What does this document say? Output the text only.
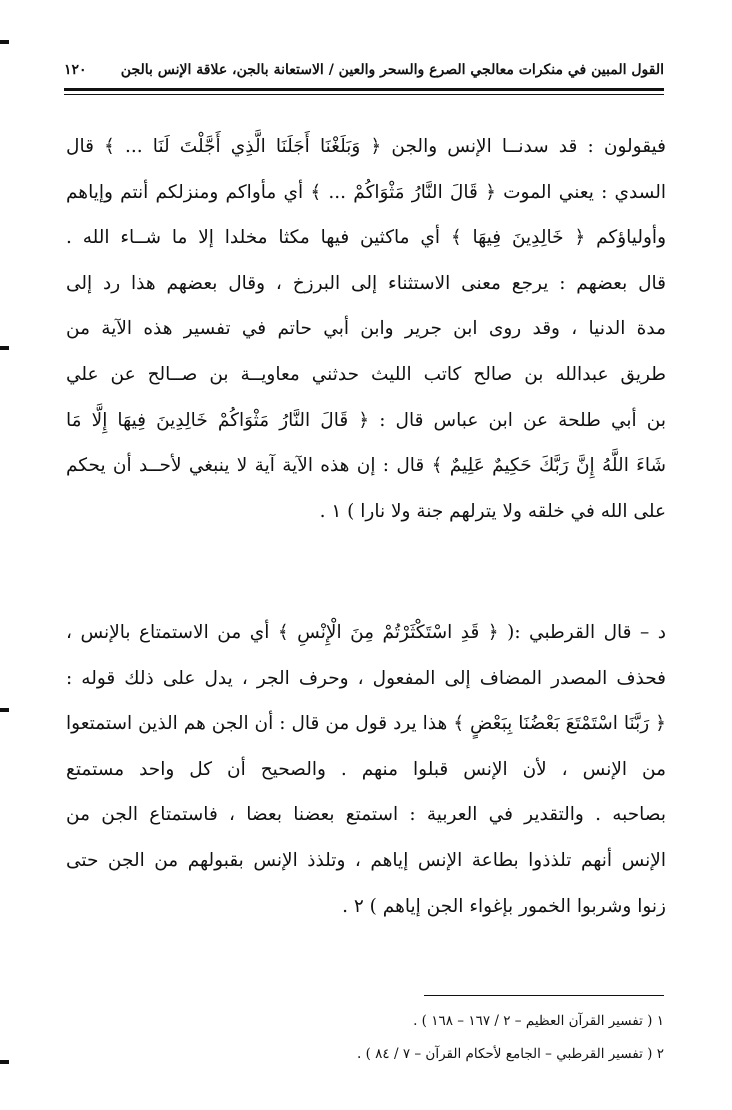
القول المبين في منكرات معالجي الصرع والسحر والعين / الاستعانة بالجن، علاقة الإنس بالجن
١٢٠
فيقولون : قد سدنــا الإنس والجن ﴿ وَبَلَغْنَا أَجَلَنَا الَّذِي أَجَّلْتَ لَنَا ... ﴾ قال
السدي : يعني الموت ﴿ قَالَ النَّارُ مَثْوَاكُمْ ... ﴾ أي مأواكم ومنزلكم أنتم وإياهم
وأولياؤكم ﴿ خَالِدِينَ فِيهَا ﴾ أي ماكثين فيها مكثا مخلدا إلا ما شــاء الله .
قال بعضهم : يرجع معنى الاستثناء إلى البرزخ ، وقال بعضهم هذا رد إلى
مدة الدنيا ، وقد روى ابن جرير وابن أبي حاتم في تفسير هذه الآية من
طريق عبدالله بن صالح كاتب الليث حدثني معاويــة بن صــالح عن علي
بن أبي طلحة عن ابن عباس قال : ﴿ قَالَ النَّارُ مَثْوَاكُمْ خَالِدِينَ فِيهَا إِلَّا مَا
شَاءَ اللَّهُ إِنَّ رَبَّكَ حَكِيمٌ عَلِيمٌ ﴾ قال : إن هذه الآية آية لا ينبغي لأحــد أن يحكم
على الله في خلقه ولا يترلهم جنة ولا نارا ) ١ .
د – قال القرطبي :( ﴿ قَدِ اسْتَكْثَرْتُمْ مِنَ الْإِنْسِ ﴾ أي من الاستمتاع بالإنس ،
فحذف المصدر المضاف إلى المفعول ، وحرف الجر ، يدل على ذلك قوله :
﴿ رَبَّنَا اسْتَمْتَعَ بَعْضُنَا بِبَعْضٍ ﴾ هذا يرد قول من قال : أن الجن هم الذين استمتعوا
من الإنس ، لأن الإنس قبلوا منهم . والصحيح أن كل واحد مستمتع
بصاحبه . والتقدير في العربية : استمتع بعضنا بعضا ، فاستمتاع الجن من
الإنس أنهم تلذذوا بطاعة الإنس إياهم ، وتلذذ الإنس بقبولهم من الجن حتى
زنوا وشربوا الخمور بإغواء الجن إياهم ) ٢ .
١ ( تفسير القرآن العظيم – ٢ / ١٦٧ – ١٦٨ ) .
٢ ( تفسير القرطبي – الجامع لأحكام القرآن – ٧ / ٨٤ ) .
